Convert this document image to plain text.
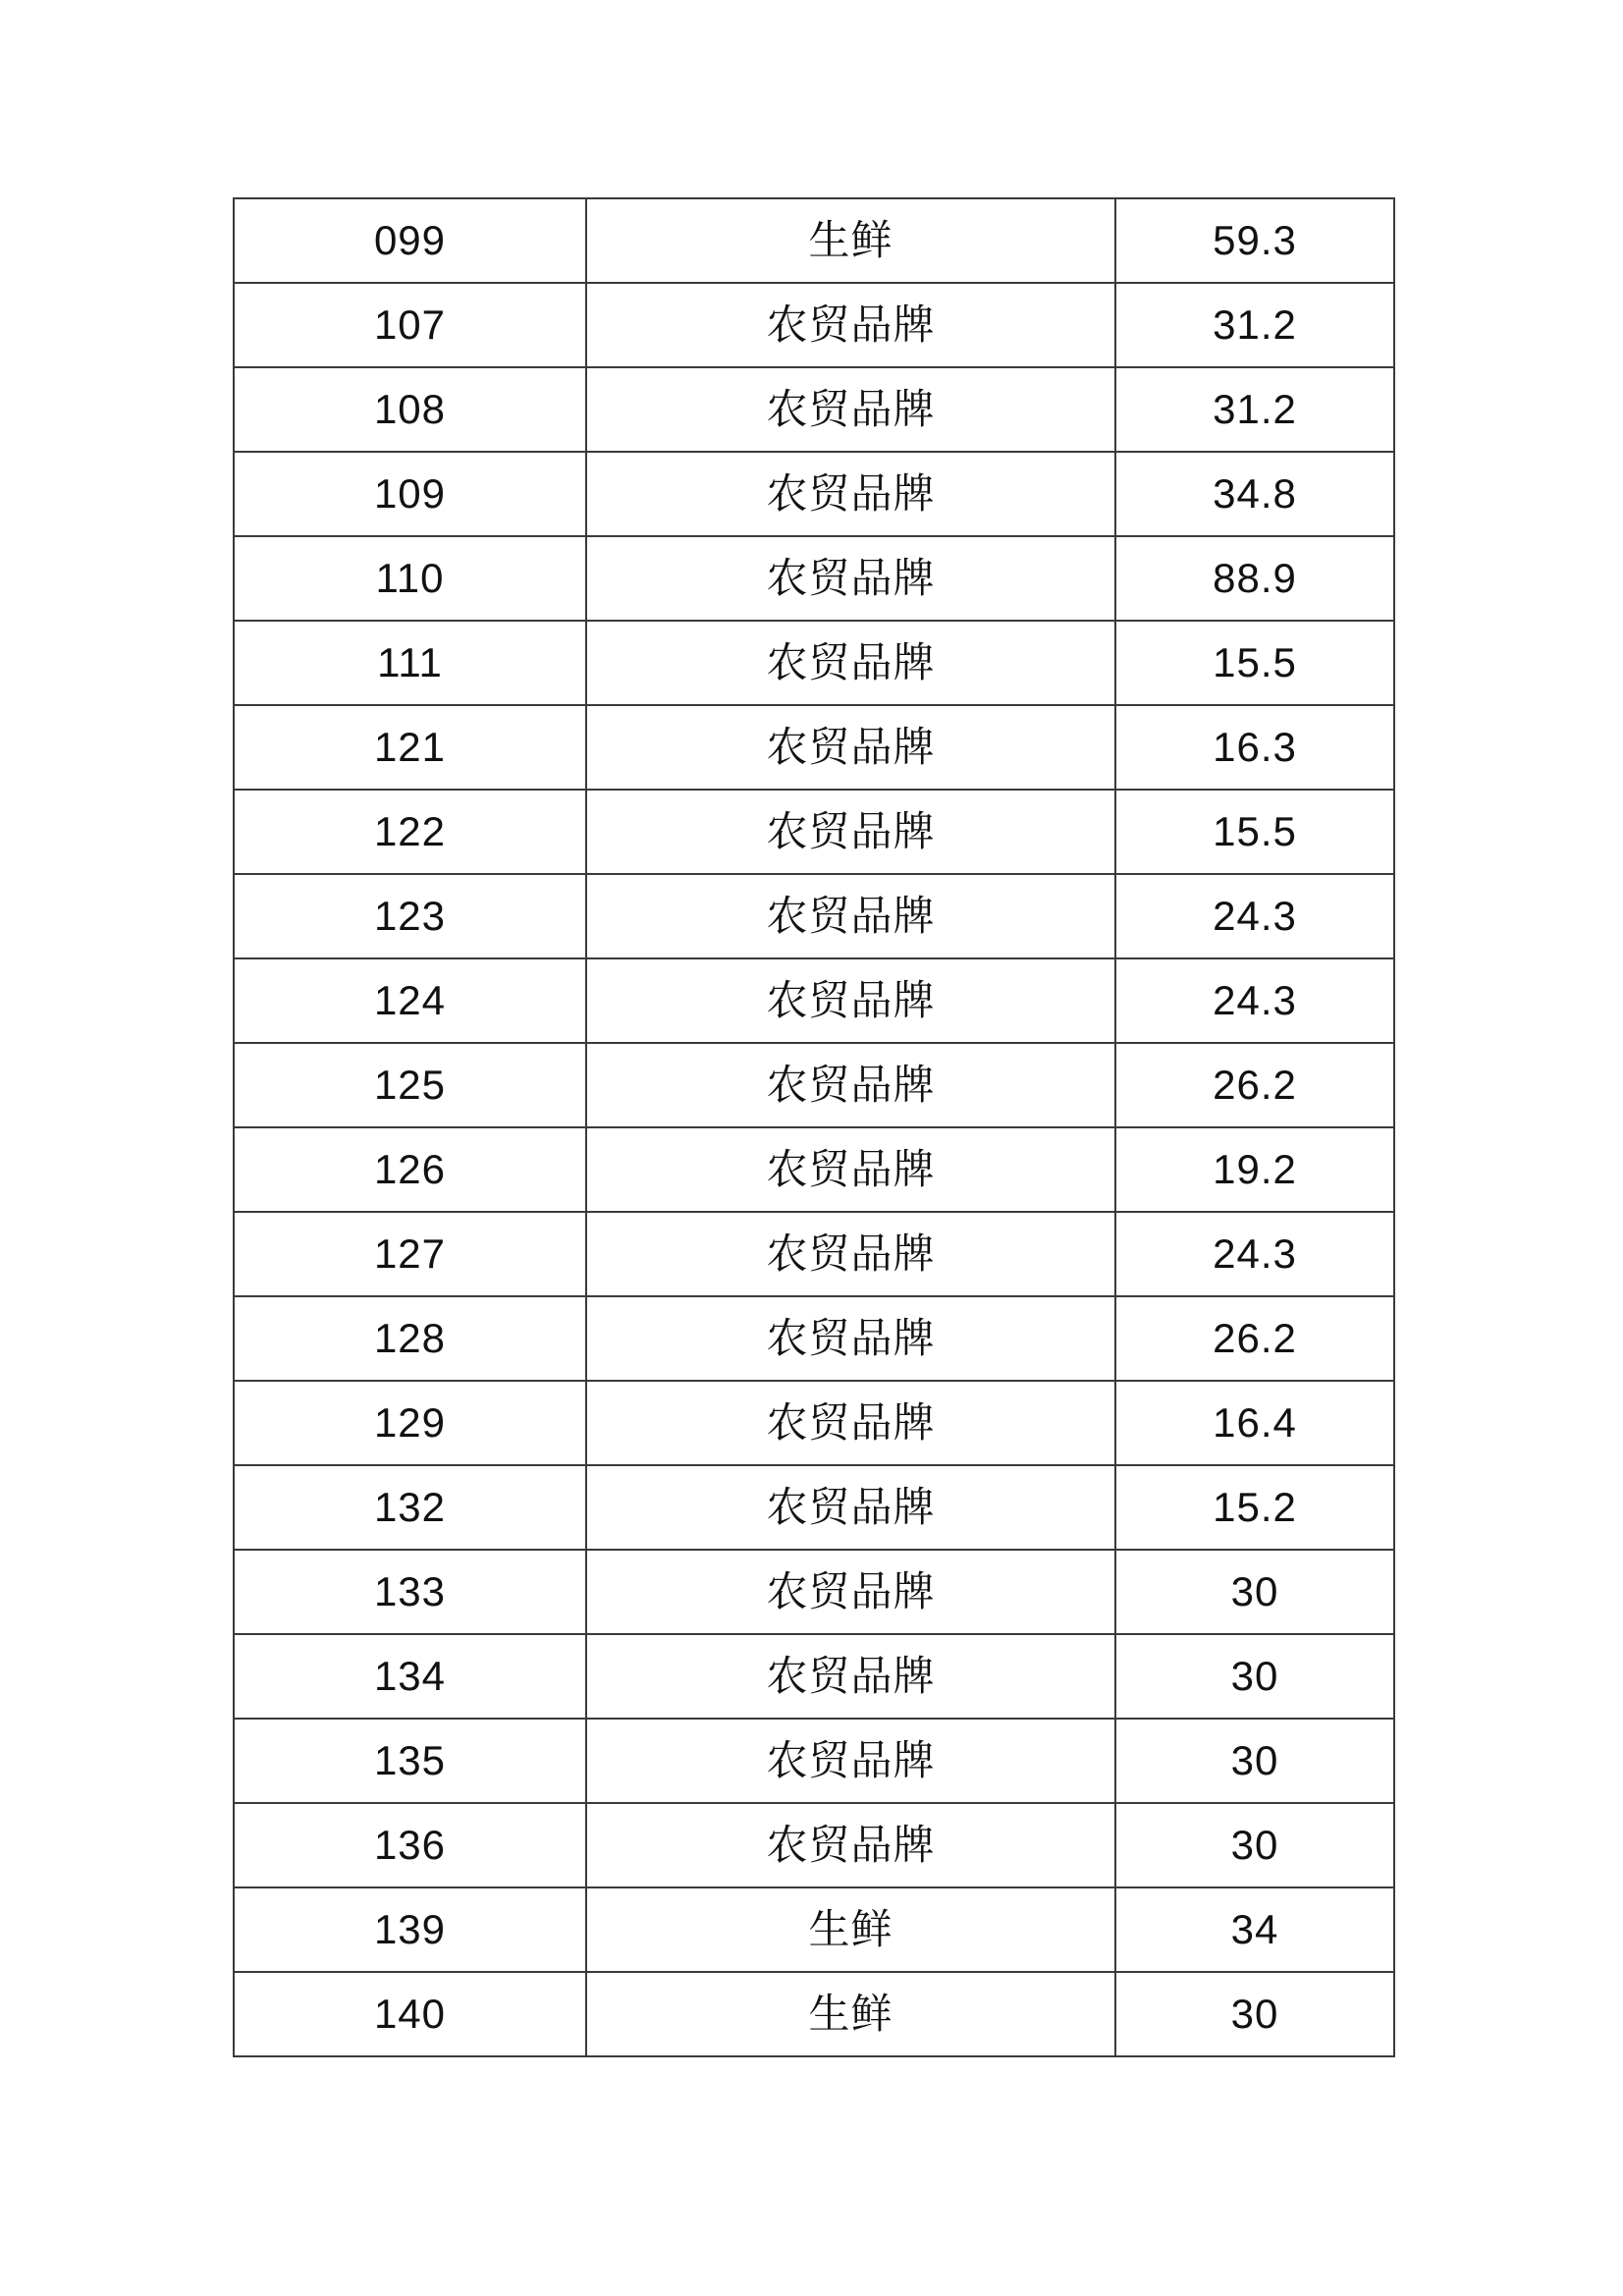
099	生鲜	59.3
107	农贸品牌	31.2
108	农贸品牌	31.2
109	农贸品牌	34.8
110	农贸品牌	88.9
111	农贸品牌	15.5
121	农贸品牌	16.3
122	农贸品牌	15.5
123	农贸品牌	24.3
124	农贸品牌	24.3
125	农贸品牌	26.2
126	农贸品牌	19.2
127	农贸品牌	24.3
128	农贸品牌	26.2
129	农贸品牌	16.4
132	农贸品牌	15.2
133	农贸品牌	30
134	农贸品牌	30
135	农贸品牌	30
136	农贸品牌	30
139	生鲜	34
140	生鲜	30
